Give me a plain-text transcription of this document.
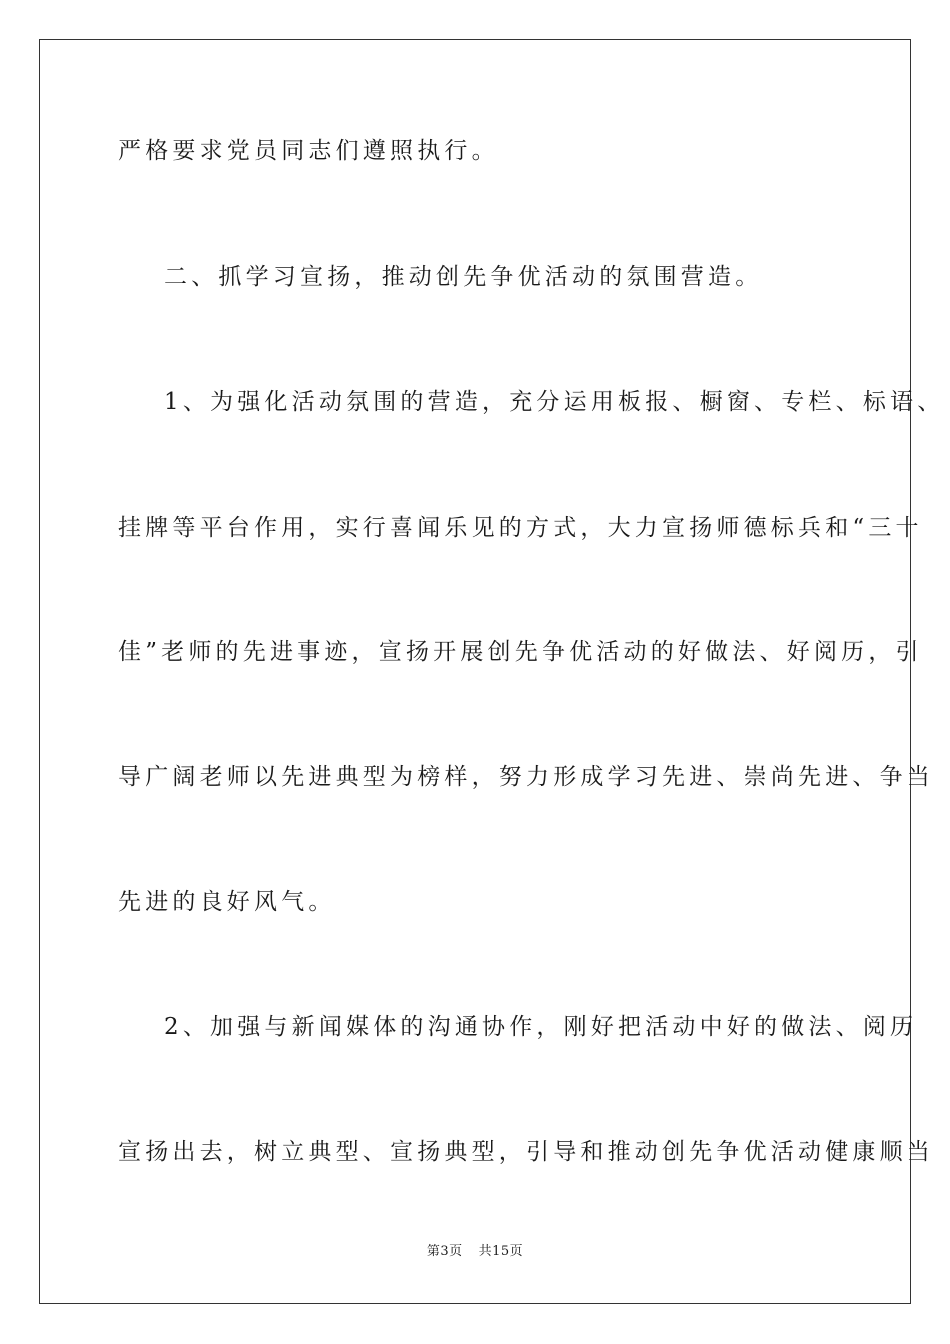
严格要求党员同志们遵照执行。
二、抓学习宣扬，推动创先争优活动的氛围营造。
1、为强化活动氛围的营造，充分运用板报、橱窗、专栏、标语、
挂牌等平台作用，实行喜闻乐见的方式，大力宣扬师德标兵和“三十
佳”老师的先进事迹，宣扬开展创先争优活动的好做法、好阅历，引
导广阔老师以先进典型为榜样，努力形成学习先进、崇尚先进、争当
先进的良好风气。
2、加强与新闻媒体的沟通协作，刚好把活动中好的做法、阅历
宣扬出去，树立典型、宣扬典型，引导和推动创先争优活动健康顺当
第3页 共15页
